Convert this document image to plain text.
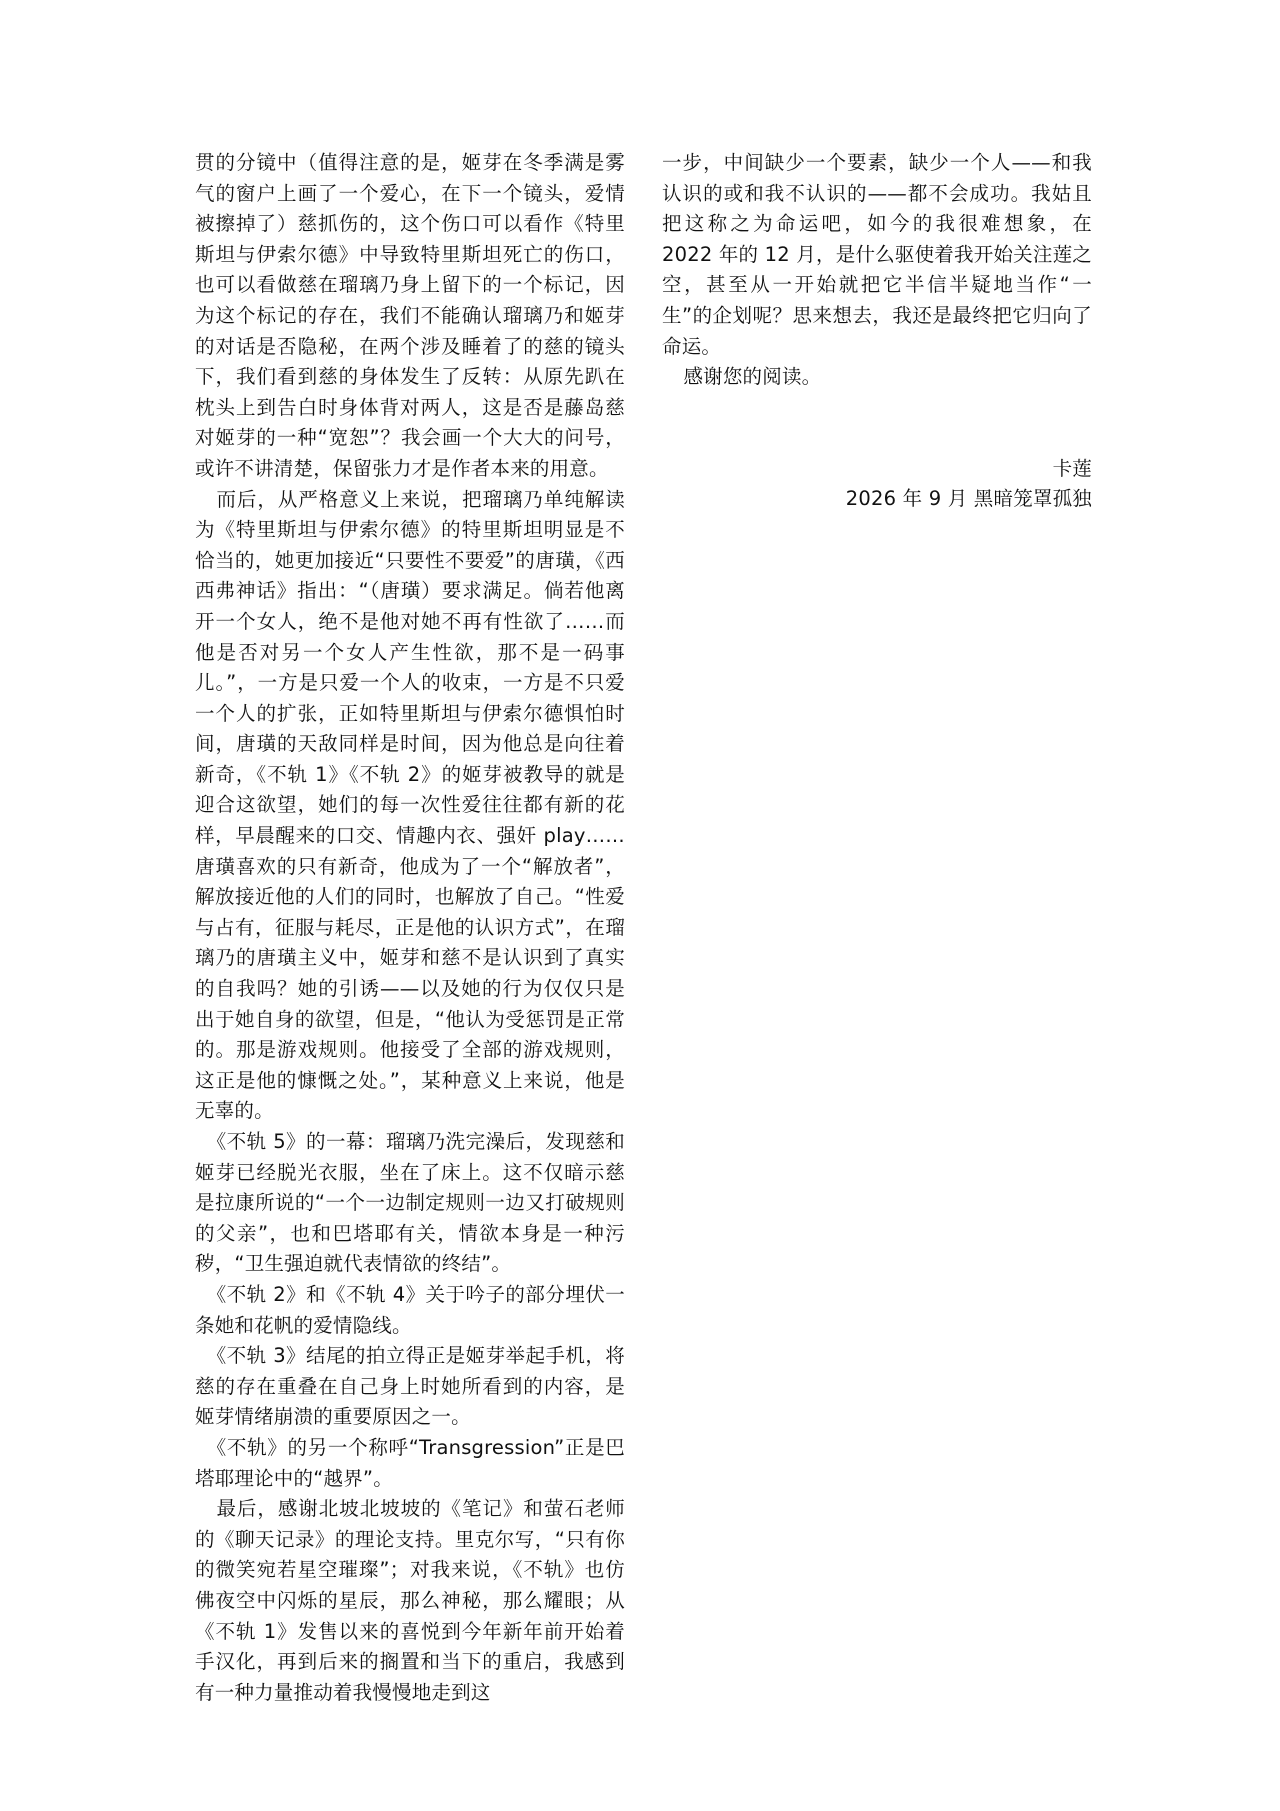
贯的分镜中（值得注意的是，姬芽在冬季满是雾气的窗户上画了一个爱心，在下一个镜头，爱情被擦掉了）慈抓伤的，这个伤口可以看作《特里斯坦与伊索尔德》中导致特里斯坦死亡的伤口，也可以看做慈在瑠璃乃身上留下的一个标记，因为这个标记的存在，我们不能确认瑠璃乃和姬芽的对话是否隐秘，在两个涉及睡着了的慈的镜头下，我们看到慈的身体发生了反转：从原先趴在枕头上到告白时身体背对两人，这是否是藤岛慈对姬芽的一种“宽恕”？我会画一个大大的问号，或许不讲清楚，保留张力才是作者本来的用意。

而后，从严格意义上来说，把瑠璃乃单纯解读为《特里斯坦与伊索尔德》的特里斯坦明显是不恰当的，她更加接近“只要性不要爱”的唐璜，《西西弗神话》指出：“（唐璜）要求满足。倘若他离开一个女人，绝不是他对她不再有性欲了……而他是否对另一个女人产生性欲，那不是一码事儿。”，一方是只爱一个人的收束，一方是不只爱一个人的扩张，正如特里斯坦与伊索尔德惧怕时间，唐璜的天敌同样是时间，因为他总是向往着新奇，《不轨 1》《不轨 2》的姬芽被教导的就是迎合这欲望，她们的每一次性爱往往都有新的花样，早晨醒来的口交、情趣内衣、强奸 play……唐璜喜欢的只有新奇，他成为了一个“解放者”，解放接近他的人们的同时，也解放了自己。“性爱与占有，征服与耗尽，正是他的认识方式”，在瑠璃乃的唐璜主义中，姬芽和慈不是认识到了真实的自我吗？她的引诱——以及她的行为仅仅只是出于她自身的欲望，但是，“他认为受惩罚是正常的。那是游戏规则。他接受了全部的游戏规则，这正是他的慷慨之处。”，某种意义上来说，他是无辜的。

《不轨 5》的一幕：瑠璃乃洗完澡后，发现慈和姬芽已经脱光衣服，坐在了床上。这不仅暗示慈是拉康所说的“一个一边制定规则一边又打破规则的父亲”，也和巴塔耶有关，情欲本身是一种污秽，“卫生强迫就代表情欲的终结”。

《不轨 2》和《不轨 4》关于吟子的部分埋伏一条她和花帆的爱情隐线。

《不轨 3》结尾的拍立得正是姬芽举起手机，将慈的存在重叠在自己身上时她所看到的内容，是姬芽情绪崩溃的重要原因之一。

《不轨》的另一个称呼“Transgression”正是巴塔耶理论中的“越界”。

最后，感谢北坡北坡坡的《笔记》和萤石老师的《聊天记录》的理论支持。里克尔写，“只有你的微笑宛若星空璀璨”；对我来说，《不轨》也仿佛夜空中闪烁的星辰，那么神秘，那么耀眼；从《不轨 1》发售以来的喜悦到今年新年前开始着手汉化，再到后来的搁置和当下的重启，我感到有一种力量推动着我慢慢地走到这

一步，中间缺少一个要素，缺少一个人——和我认识的或和我不认识的——都不会成功。我姑且把这称之为命运吧，如今的我很难想象，在 2022 年的 12 月，是什么驱使着我开始关注莲之空，甚至从一开始就把它半信半疑地当作“一生”的企划呢？思来想去，我还是最终把它归向了命运。

感谢您的阅读。

卡莲

2026 年 9 月 黑暗笼罩孤独
